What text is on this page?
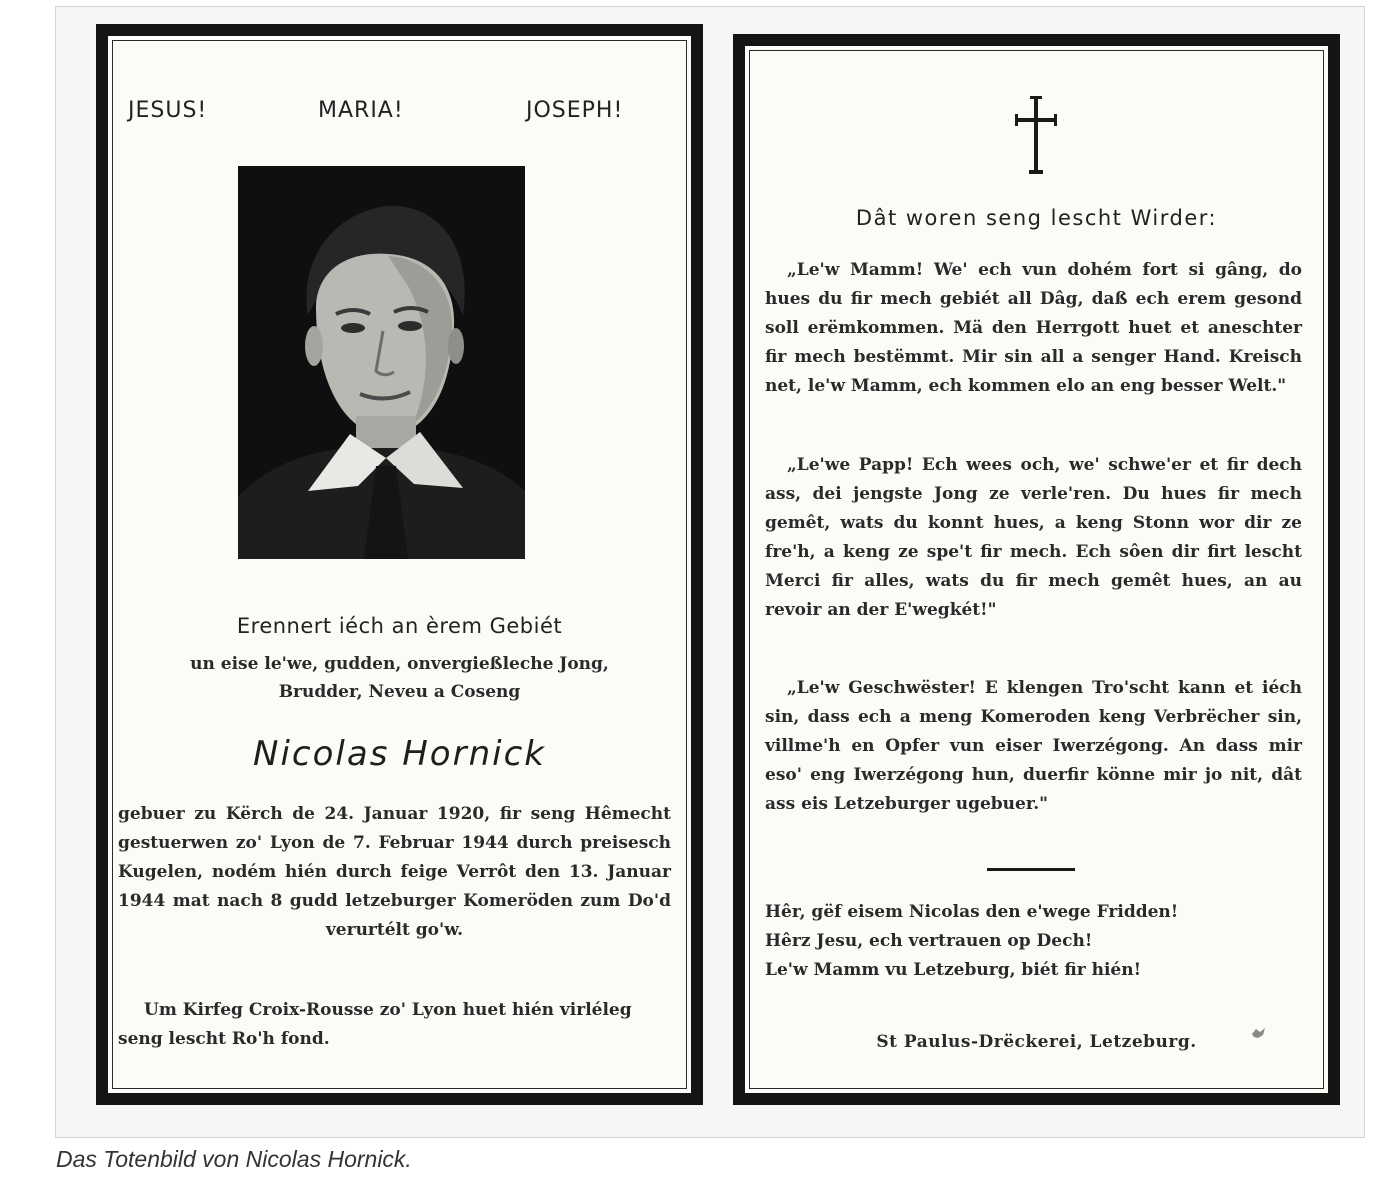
JESUS!	MARIA!	JOSEPH!
Erennert iéch an èrem Gebiét
un eise le'we, gudden, onvergießleche Jong,
Brudder, Neveu a Coseng
Nicolas Hornick
gebuer zu Kërch de 24. Januar 1920, fir seng Hêmecht gestuerwen zo' Lyon de 7. Februar 1944 durch preisesch Kugelen, nodém hién durch feige Verrôt den 13. Januar 1944 mat nach 8 gudd letzeburger Komeröden zum Do'd verurtélt go'w.
Um Kirfeg Croix-Rousse zo' Lyon huet hién virléleg seng lescht Ro'h fond.
Dât woren seng lescht Wirder:
„Le'w Mamm! We' ech vun dohém fort si gâng, do hues du fir mech gebiét all Dâg, daß ech erem gesond soll erëmkommen. Mä den Herrgott huet et aneschter fir mech bestëmmt. Mir sin all a senger Hand. Kreisch net, le'w Mamm, ech kommen elo an eng besser Welt."
„Le'we Papp! Ech wees och, we' schwe'er et fir dech ass, dei jengste Jong ze verle'ren. Du hues fir mech gemêt, wats du konnt hues, a keng Stonn wor dir ze fre'h, a keng ze spe't fir mech. Ech sôen dir firt lescht Merci fir alles, wats du fir mech gemêt hues, an au revoir an der E'wegkét!"
„Le'w Geschwëster! E klengen Tro'scht kann et iéch sin, dass ech a meng Komeroden keng Verbrëcher sin, villme'h en Opfer vun eiser Iwerzégong. An dass mir eso' eng Iwerzégong hun, duerfir könne mir jo nit, dât ass eis Letzeburger ugebuer."
Hêr, gëf eisem Nicolas den e'wege Fridden!
Hêrz Jesu, ech vertrauen op Dech!
Le'w Mamm vu Letzeburg, biét fir hién!
St Paulus-Drëckerei, Letzeburg.
Das Totenbild von Nicolas Hornick.
